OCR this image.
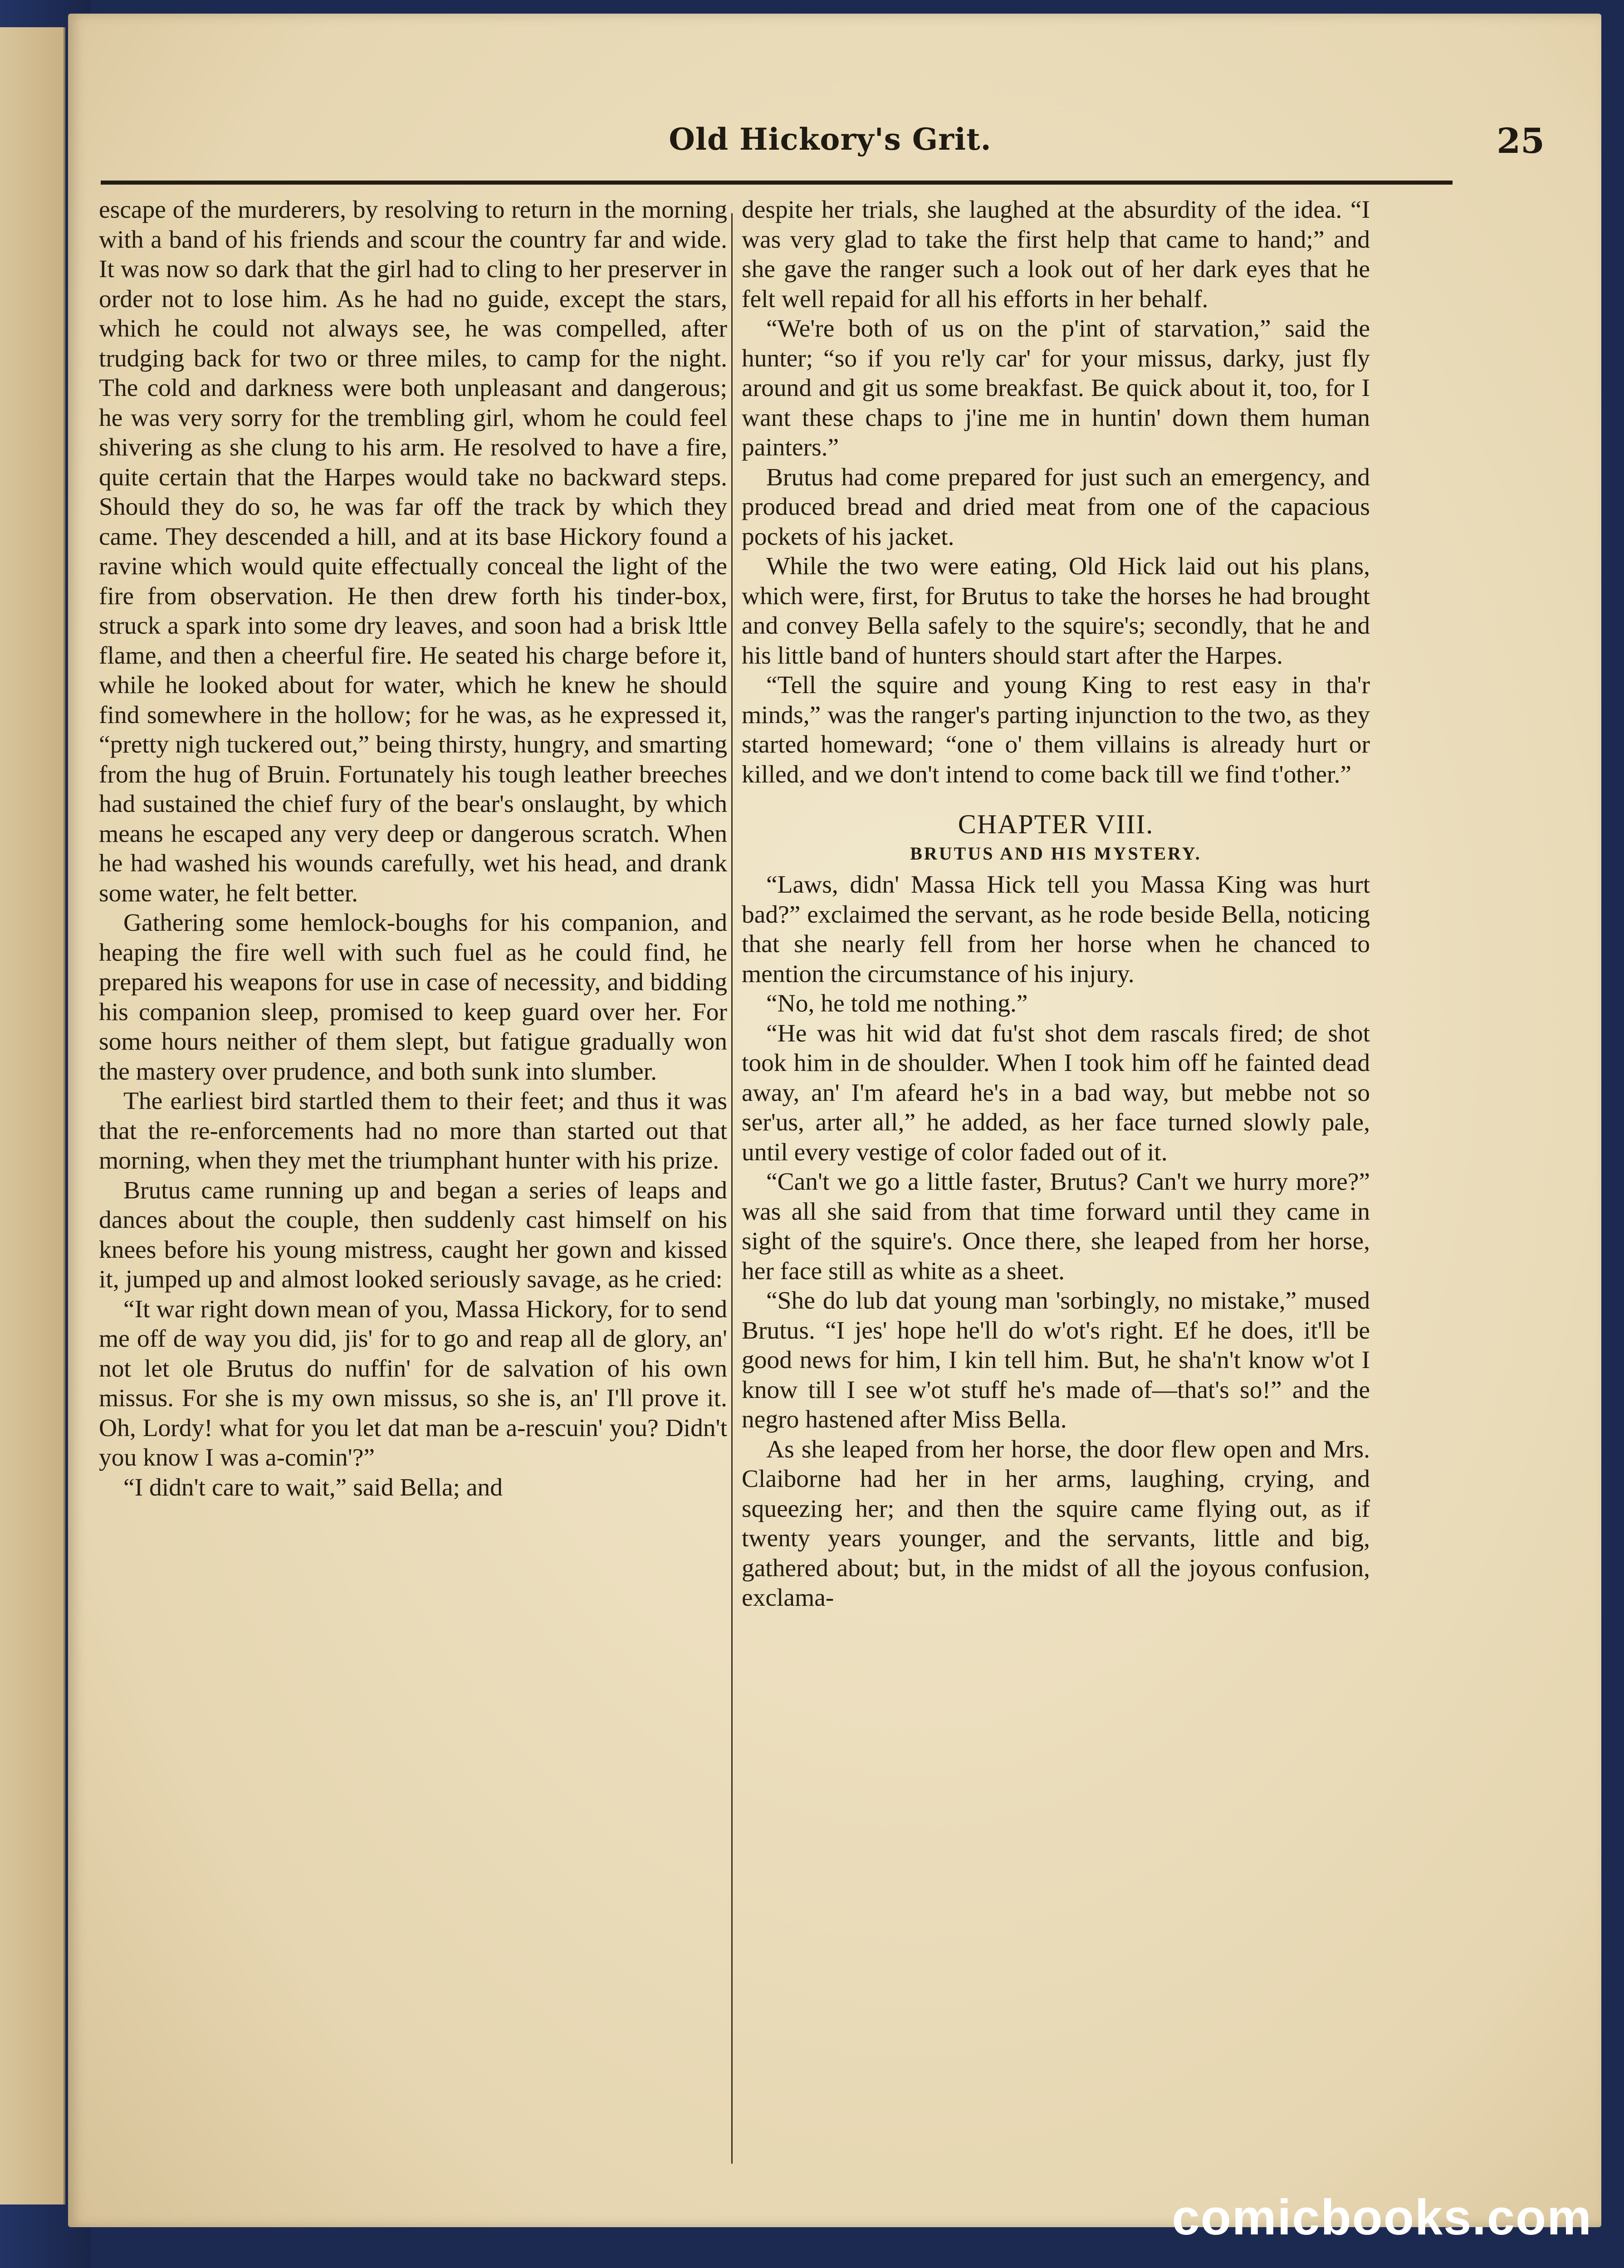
Old Hickory's Grit.	25

escape of the murderers, by resolving to return in the morning with a band of his friends and scour the country far and wide. It was now so dark that the girl had to cling to her preserver in order not to lose him. As he had no guide, except the stars, which he could not always see, he was compelled, after trudging back for two or three miles, to camp for the night. The cold and darkness were both unpleasant and dangerous; he was very sorry for the trembling girl, whom he could feel shivering as she clung to his arm. He resolved to have a fire, quite certain that the Harpes would take no backward steps. Should they do so, he was far off the track by which they came. They descended a hill, and at its base Hickory found a ravine which would quite effectually conceal the light of the fire from observation. He then drew forth his tinder-box, struck a spark into some dry leaves, and soon had a brisk lttle flame, and then a cheerful fire. He seated his charge before it, while he looked about for water, which he knew he should find somewhere in the hollow; for he was, as he expressed it, “pretty nigh tuckered out,” being thirsty, hungry, and smarting from the hug of Bruin. Fortunately his tough leather breeches had sustained the chief fury of the bear's onslaught, by which means he escaped any very deep or dangerous scratch. When he had washed his wounds carefully, wet his head, and drank some water, he felt better.

Gathering some hemlock-boughs for his companion, and heaping the fire well with such fuel as he could find, he prepared his weapons for use in case of necessity, and bidding his companion sleep, promised to keep guard over her. For some hours neither of them slept, but fatigue gradually won the mastery over prudence, and both sunk into slumber.

The earliest bird startled them to their feet; and thus it was that the re-enforcements had no more than started out that morning, when they met the triumphant hunter with his prize.

Brutus came running up and began a series of leaps and dances about the couple, then suddenly cast himself on his knees before his young mistress, caught her gown and kissed it, jumped up and almost looked seriously savage, as he cried:

“It war right down mean of you, Massa Hickory, for to send me off de way you did, jis' for to go and reap all de glory, an' not let ole Brutus do nuffin' for de salvation of his own missus. For she is my own missus, so she is, an' I'll prove it. Oh, Lordy! what for you let dat man be a-rescuin' you? Didn't you know I was a-comin'?”

“I didn't care to wait,” said Bella; and

despite her trials, she laughed at the absurdity of the idea. “I was very glad to take the first help that came to hand;” and she gave the ranger such a look out of her dark eyes that he felt well repaid for all his efforts in her behalf.

“We're both of us on the p'int of starvation,” said the hunter; “so if you re'ly car' for your missus, darky, just fly around and git us some breakfast. Be quick about it, too, for I want these chaps to j'ine me in huntin' down them human painters.”

Brutus had come prepared for just such an emergency, and produced bread and dried meat from one of the capacious pockets of his jacket.

While the two were eating, Old Hick laid out his plans, which were, first, for Brutus to take the horses he had brought and convey Bella safely to the squire's; secondly, that he and his little band of hunters should start after the Harpes.

“Tell the squire and young King to rest easy in tha'r minds,” was the ranger's parting injunction to the two, as they started homeward; “one o' them villains is already hurt or killed, and we don't intend to come back till we find t'other.”

CHAPTER VIII.
BRUTUS AND HIS MYSTERY.

“Laws, didn' Massa Hick tell you Massa King was hurt bad?” exclaimed the servant, as he rode beside Bella, noticing that she nearly fell from her horse when he chanced to mention the circumstance of his injury.

“No, he told me nothing.”

“He was hit wid dat fu'st shot dem rascals fired; de shot took him in de shoulder. When I took him off he fainted dead away, an' I'm afeard he's in a bad way, but mebbe not so ser'us, arter all,” he added, as her face turned slowly pale, until every vestige of color faded out of it.

“Can't we go a little faster, Brutus? Can't we hurry more?” was all she said from that time forward until they came in sight of the squire's. Once there, she leaped from her horse, her face still as white as a sheet.

“She do lub dat young man 'sorbingly, no mistake,” mused Brutus. “I jes' hope he'll do w'ot's right. Ef he does, it'll be good news for him, I kin tell him. But, he sha'n't know w'ot I know till I see w'ot stuff he's made of—that's so!” and the negro hastened after Miss Bella.

As she leaped from her horse, the door flew open and Mrs. Claiborne had her in her arms, laughing, crying, and squeezing her; and then the squire came flying out, as if twenty years younger, and the servants, little and big, gathered about; but, in the midst of all the joyous confusion, exclama-

comicbooks.com
